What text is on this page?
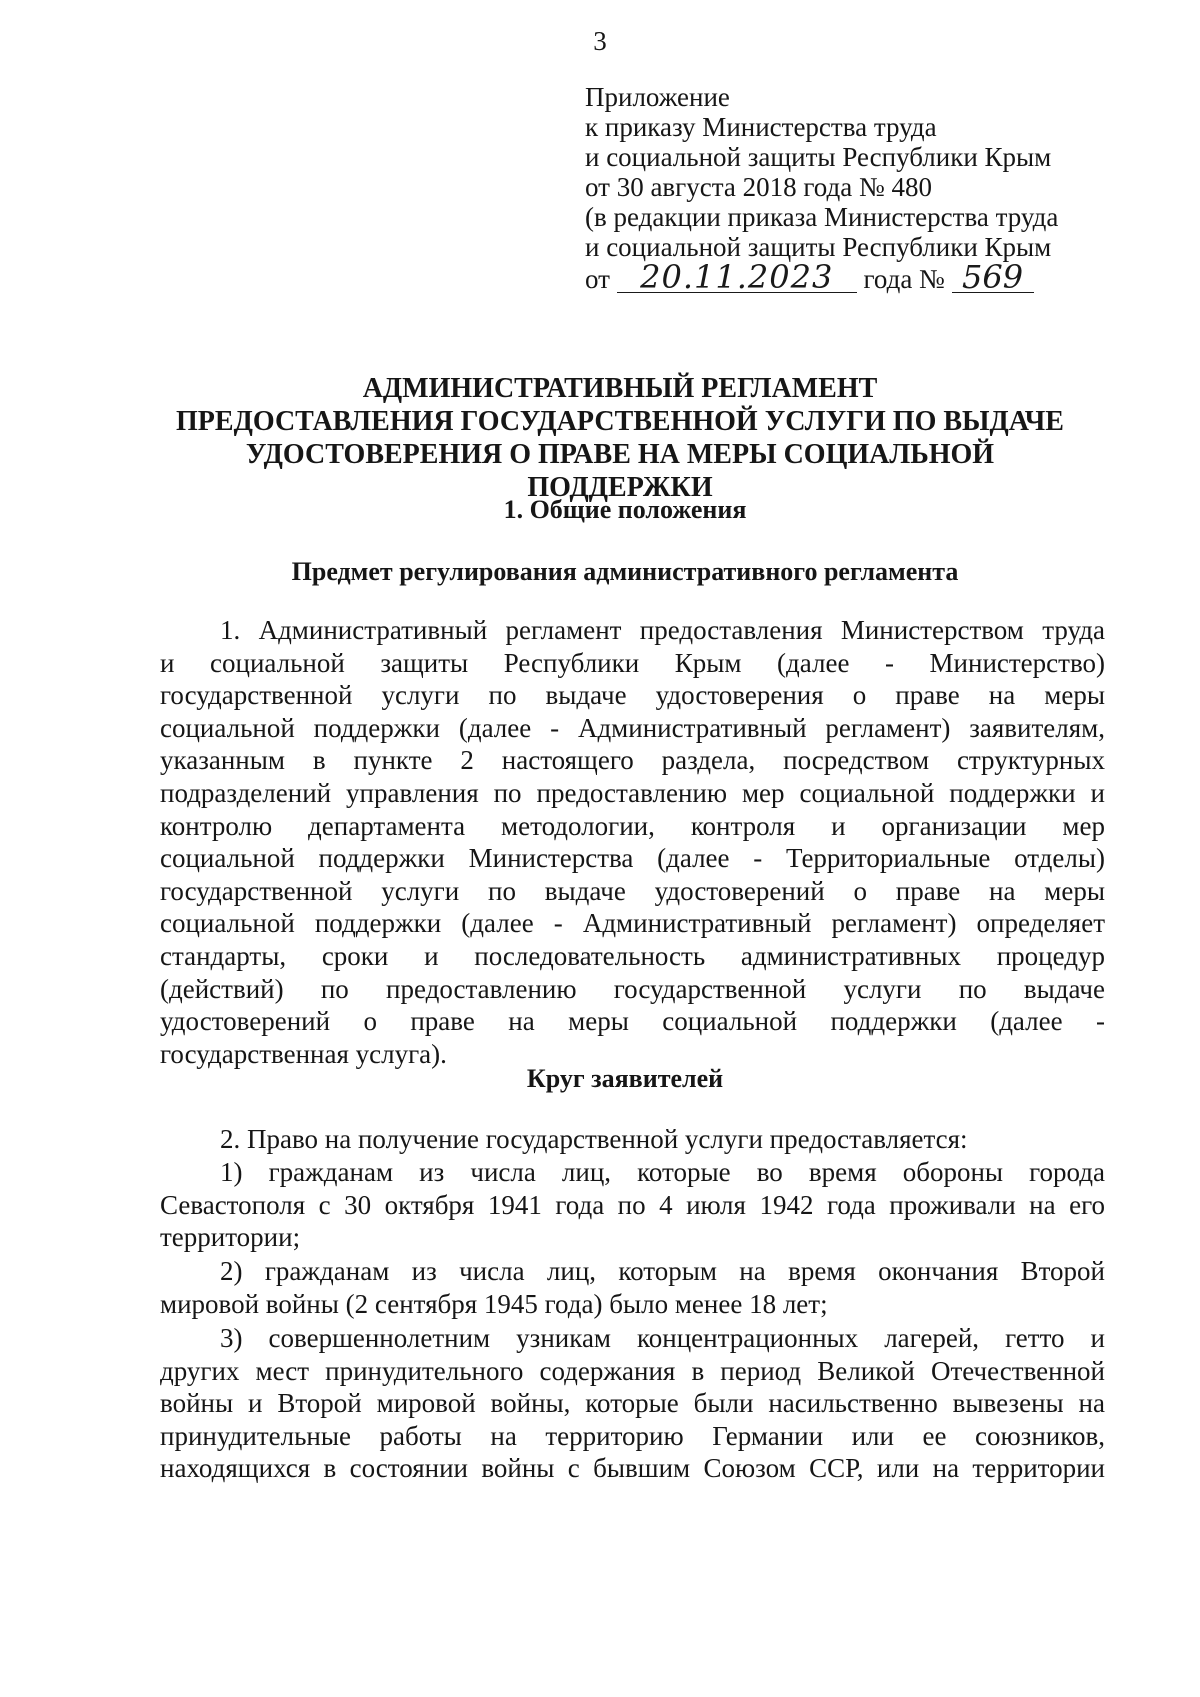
3
Приложение
к приказу Министерства труда
и социальной защиты Республики Крым
от 30 августа 2018 года № 480
(в редакции приказа Министерства труда
и социальной защиты Республики Крым
от 20.11.2023 года № 569
АДМИНИСТРАТИВНЫЙ РЕГЛАМЕНТ
ПРЕДОСТАВЛЕНИЯ ГОСУДАРСТВЕННОЙ УСЛУГИ ПО ВЫДАЧЕ
УДОСТОВЕРЕНИЯ О ПРАВЕ НА МЕРЫ СОЦИАЛЬНОЙ
ПОДДЕРЖКИ
1. Общие положения
Предмет регулирования административного регламента
1. Административный регламент предоставления Министерством труда
и социальной защиты Республики Крым (далее - Министерство)
государственной услуги по выдаче удостоверения о праве на меры
социальной поддержки (далее - Административный регламент) заявителям,
указанным в пункте 2 настоящего раздела, посредством структурных
подразделений управления по предоставлению мер социальной поддержки и
контролю департамента методологии, контроля и организации мер
социальной поддержки Министерства (далее - Территориальные отделы)
государственной услуги по выдаче удостоверений о праве на меры
социальной поддержки (далее - Административный регламент) определяет
стандарты, сроки и последовательность административных процедур
(действий) по предоставлению государственной услуги по выдаче
удостоверений о праве на меры социальной поддержки (далее -
государственная услуга).
Круг заявителей
2. Право на получение государственной услуги предоставляется:
1) гражданам из числа лиц, которые во время обороны города
Севастополя с 30 октября 1941 года по 4 июля 1942 года проживали на его
территории;
2) гражданам из числа лиц, которым на время окончания Второй
мировой войны (2 сентября 1945 года) было менее 18 лет;
3) совершеннолетним узникам концентрационных лагерей, гетто и
других мест принудительного содержания в период Великой Отечественной
войны и Второй мировой войны, которые были насильственно вывезены на
принудительные работы на территорию Германии или ее союзников,
находящихся в состоянии войны с бывшим Союзом ССР, или на территории
